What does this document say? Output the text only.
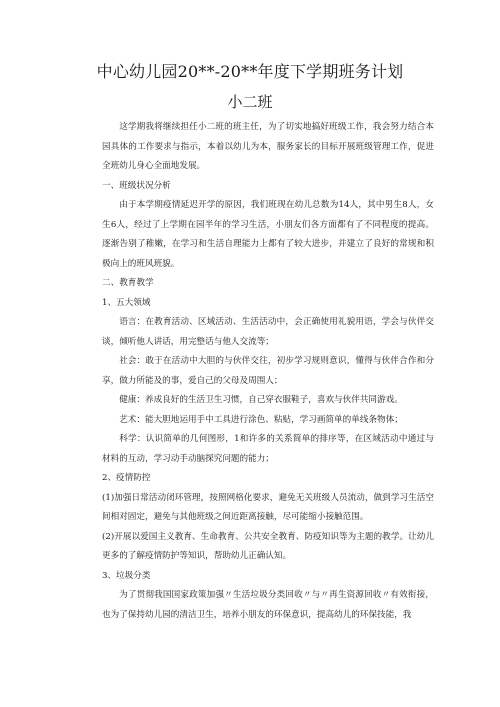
中心幼儿园20**-20**年度下学期班务计划
小二班

这学期我将继续担任小二班的班主任，为了切实地搞好班级工作，我会努力结合本园具体的工作要求与指示，本着以幼儿为本，服务家长的目标开展班级管理工作，促进全班幼儿身心全面地发展。

一、班级状况分析

由于本学期疫情延迟开学的原因，我们班现在幼儿总数为14人，其中男生8人，女生6人，经过了上学期在园半年的学习生活，小朋友们各方面都有了不同程度的提高。逐渐告别了稚嫩，在学习和生活自理能力上都有了较大进步，并建立了良好的常规和积极向上的班风班貌。

二、教育教学

1、五大领域

语言：在教育活动、区域活动、生活活动中，会正确使用礼貌用语，学会与伙伴交谈，倾听他人讲话，用完整话与他人交流等；

社会：敢于在活动中大胆的与伙伴交往，初步学习规则意识，懂得与伙伴合作和分享，做力所能及的事，爱自己的父母及周围人；

健康：养成良好的生活卫生习惯，自己穿衣服鞋子，喜欢与伙伴共同游戏。

艺术：能大胆地运用手中工具进行涂色、粘贴，学习画简单的单线条物体；

科学：认识简单的几何图形，1和许多的关系简单的排序等，在区域活动中通过与材料的互动，学习动手动脑探究问题的能力；

2、疫情防控

(1)加强日常活动闭环管理，按照网格化要求，避免无关班级人员流动，做到学习生活空间相对固定，避免与其他班级之间近距离接触，尽可能缩小接触范围。

(2)开展以爱国主义教育、生命教育、公共安全教育、防疫知识等为主题的教学。让幼儿更多的了解疫情防护等知识，帮助幼儿正确认知。

3、垃圾分类

为了贯彻我国国家政策加强〃生活垃圾分类回收〃与〃再生资源回收〃有效衔接，也为了保持幼儿园的清洁卫生，培养小朋友的环保意识，提高幼儿的环保技能，我
